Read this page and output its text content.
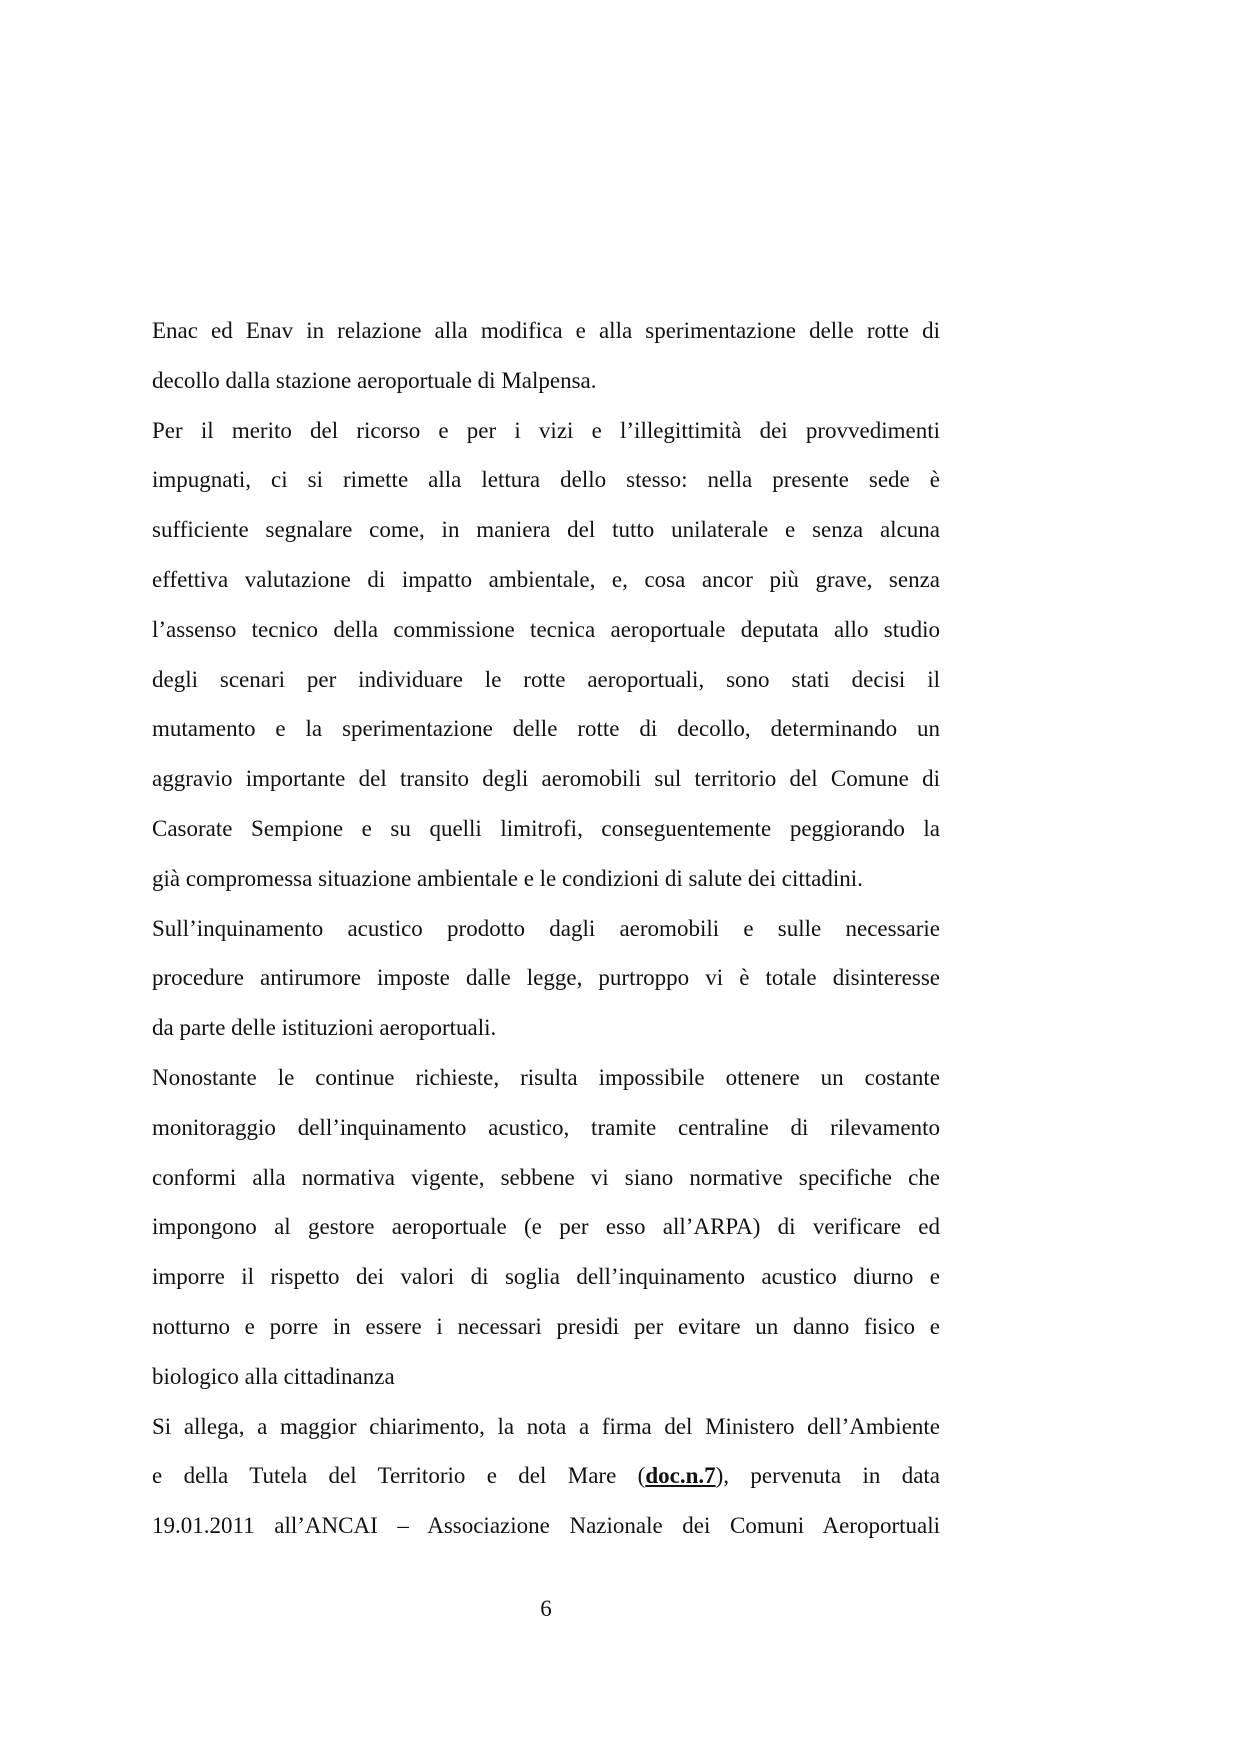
Enac ed Enav in relazione alla modifica e alla sperimentazione delle rotte di
decollo dalla stazione aeroportuale di Malpensa.
Per il merito del ricorso e per i vizi e l’illegittimità dei provvedimenti
impugnati, ci si rimette alla lettura dello stesso: nella presente sede è
sufficiente segnalare come, in maniera del tutto unilaterale e senza alcuna
effettiva valutazione di impatto ambientale, e, cosa ancor più grave, senza
l’assenso tecnico della commissione tecnica aeroportuale deputata allo studio
degli scenari per individuare le rotte aeroportuali, sono stati decisi il
mutamento e la sperimentazione delle rotte di decollo, determinando un
aggravio importante del transito degli aeromobili sul territorio del Comune di
Casorate Sempione e su quelli limitrofi, conseguentemente peggiorando la
già compromessa situazione ambientale e le condizioni di salute dei cittadini.
Sull’inquinamento acustico prodotto dagli aeromobili e sulle necessarie
procedure antirumore imposte dalle legge, purtroppo vi è totale disinteresse
da parte delle istituzioni aeroportuali.
Nonostante le continue richieste, risulta impossibile ottenere un costante
monitoraggio dell’inquinamento acustico, tramite centraline di rilevamento
conformi alla normativa vigente, sebbene vi siano normative specifiche che
impongono al gestore aeroportuale (e per esso all’ARPA) di verificare ed
imporre il rispetto dei valori di soglia dell’inquinamento acustico diurno e
notturno e porre in essere i necessari presidi per evitare un danno fisico e
biologico alla cittadinanza
Si allega, a maggior chiarimento, la nota a firma del Ministero dell’Ambiente
e della Tutela del Territorio e del Mare (doc.n.7), pervenuta in data
19.01.2011 all’ANCAI – Associazione Nazionale dei Comuni Aeroportuali
6
